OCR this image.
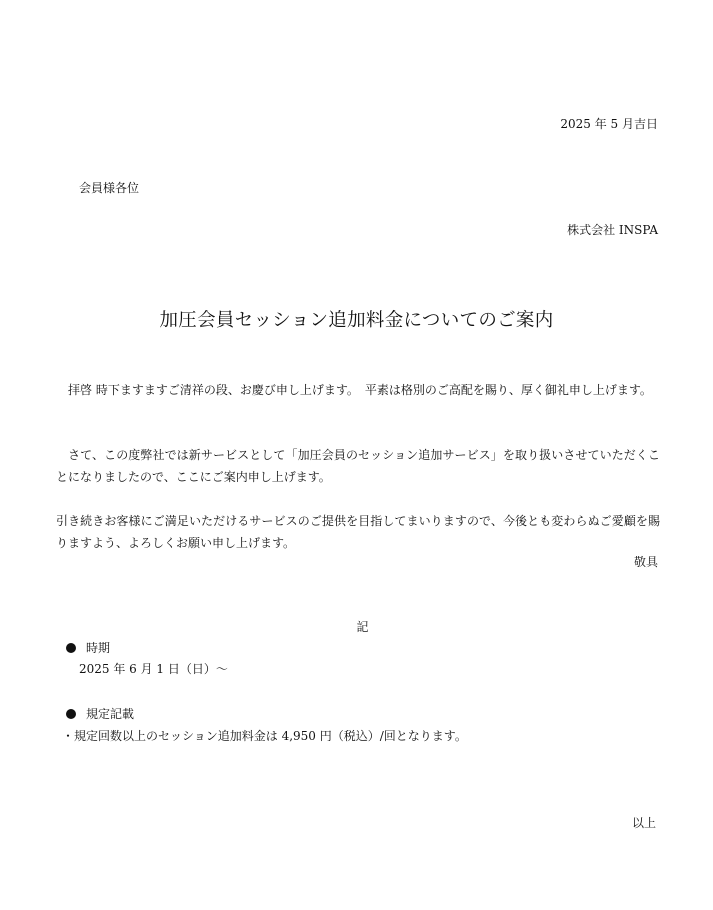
2025 年 5 月吉日

会員様各位

株式会社 INSPA

加圧会員セッション追加料金についてのご案内

　拝啓 時下ますますご清祥の段、お慶び申し上げます。　平素は格別のご高配を賜り、厚く御礼申し上げます。

　さて、この度弊社では新サービスとして「加圧会員のセッション追加サービス」を取り扱いさせていただくことになりましたので、ここにご案内申し上げます。

引き続きお客様にご満足いただけるサービスのご提供を目指してまいりますので、今後とも変わらぬご愛顧を賜りますよう、よろしくお願い申し上げます。

敬具

記

時期

2025 年 6 月 1 日（日）～

規定記載

・規定回数以上のセッション追加料金は 4,950 円（税込）/回となります。

以上
